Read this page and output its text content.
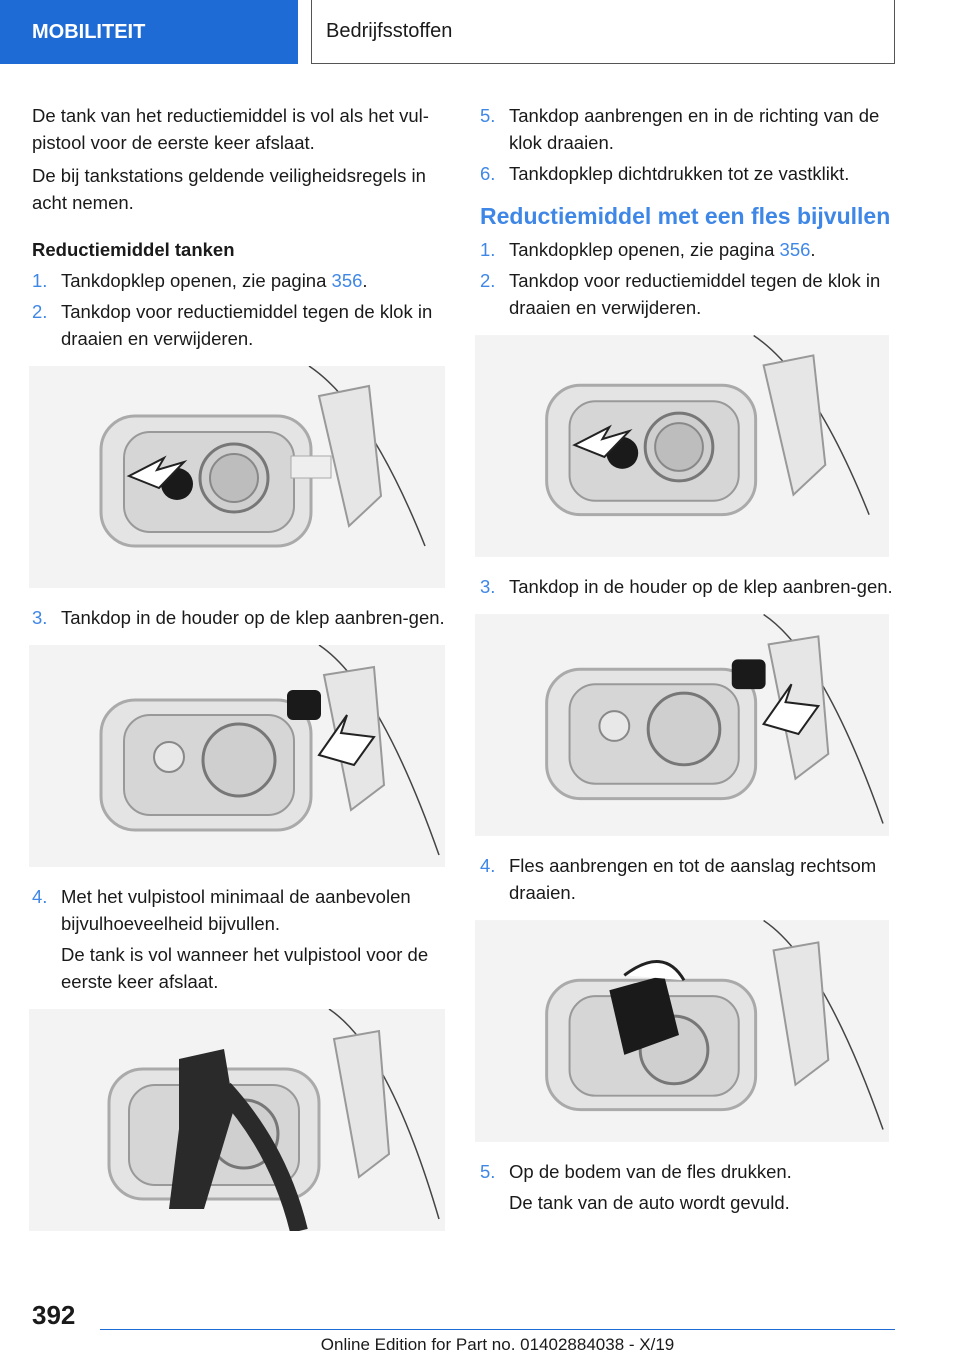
MOBILITEIT	Bedrijfsstoffen

De tank van het reductiemiddel is vol als het vul-pistool voor de eerste keer afslaat.

De bij tankstations geldende veiligheidsregels in acht nemen.

Reductiemiddel tanken
1. Tankdopklep openen, zie pagina 356.
2. Tankdop voor reductiemiddel tegen de klok in draaien en verwijderen.
3. Tankdop in de houder op de klep aanbren-gen.
4. Met het vulpistool minimaal de aanbevolen bijvulhoeveelheid bijvullen.

De tank is vol wanneer het vulpistool voor de eerste keer afslaat.

5. Tankdop aanbrengen en in de richting van de klok draaien.
6. Tankdopklep dichtdrukken tot ze vastklikt.
Reductiemiddel met een fles bijvullen
1. Tankdopklep openen, zie pagina 356.
2. Tankdop voor reductiemiddel tegen de klok in draaien en verwijderen.
3. Tankdop in de houder op de klep aanbren-gen.
4. Fles aanbrengen en tot de aanslag rechtsom draaien.
5. Op de bodem van de fles drukken.

De tank van de auto wordt gevuld.

392
Online Edition for Part no. 01402884038 - X/19
